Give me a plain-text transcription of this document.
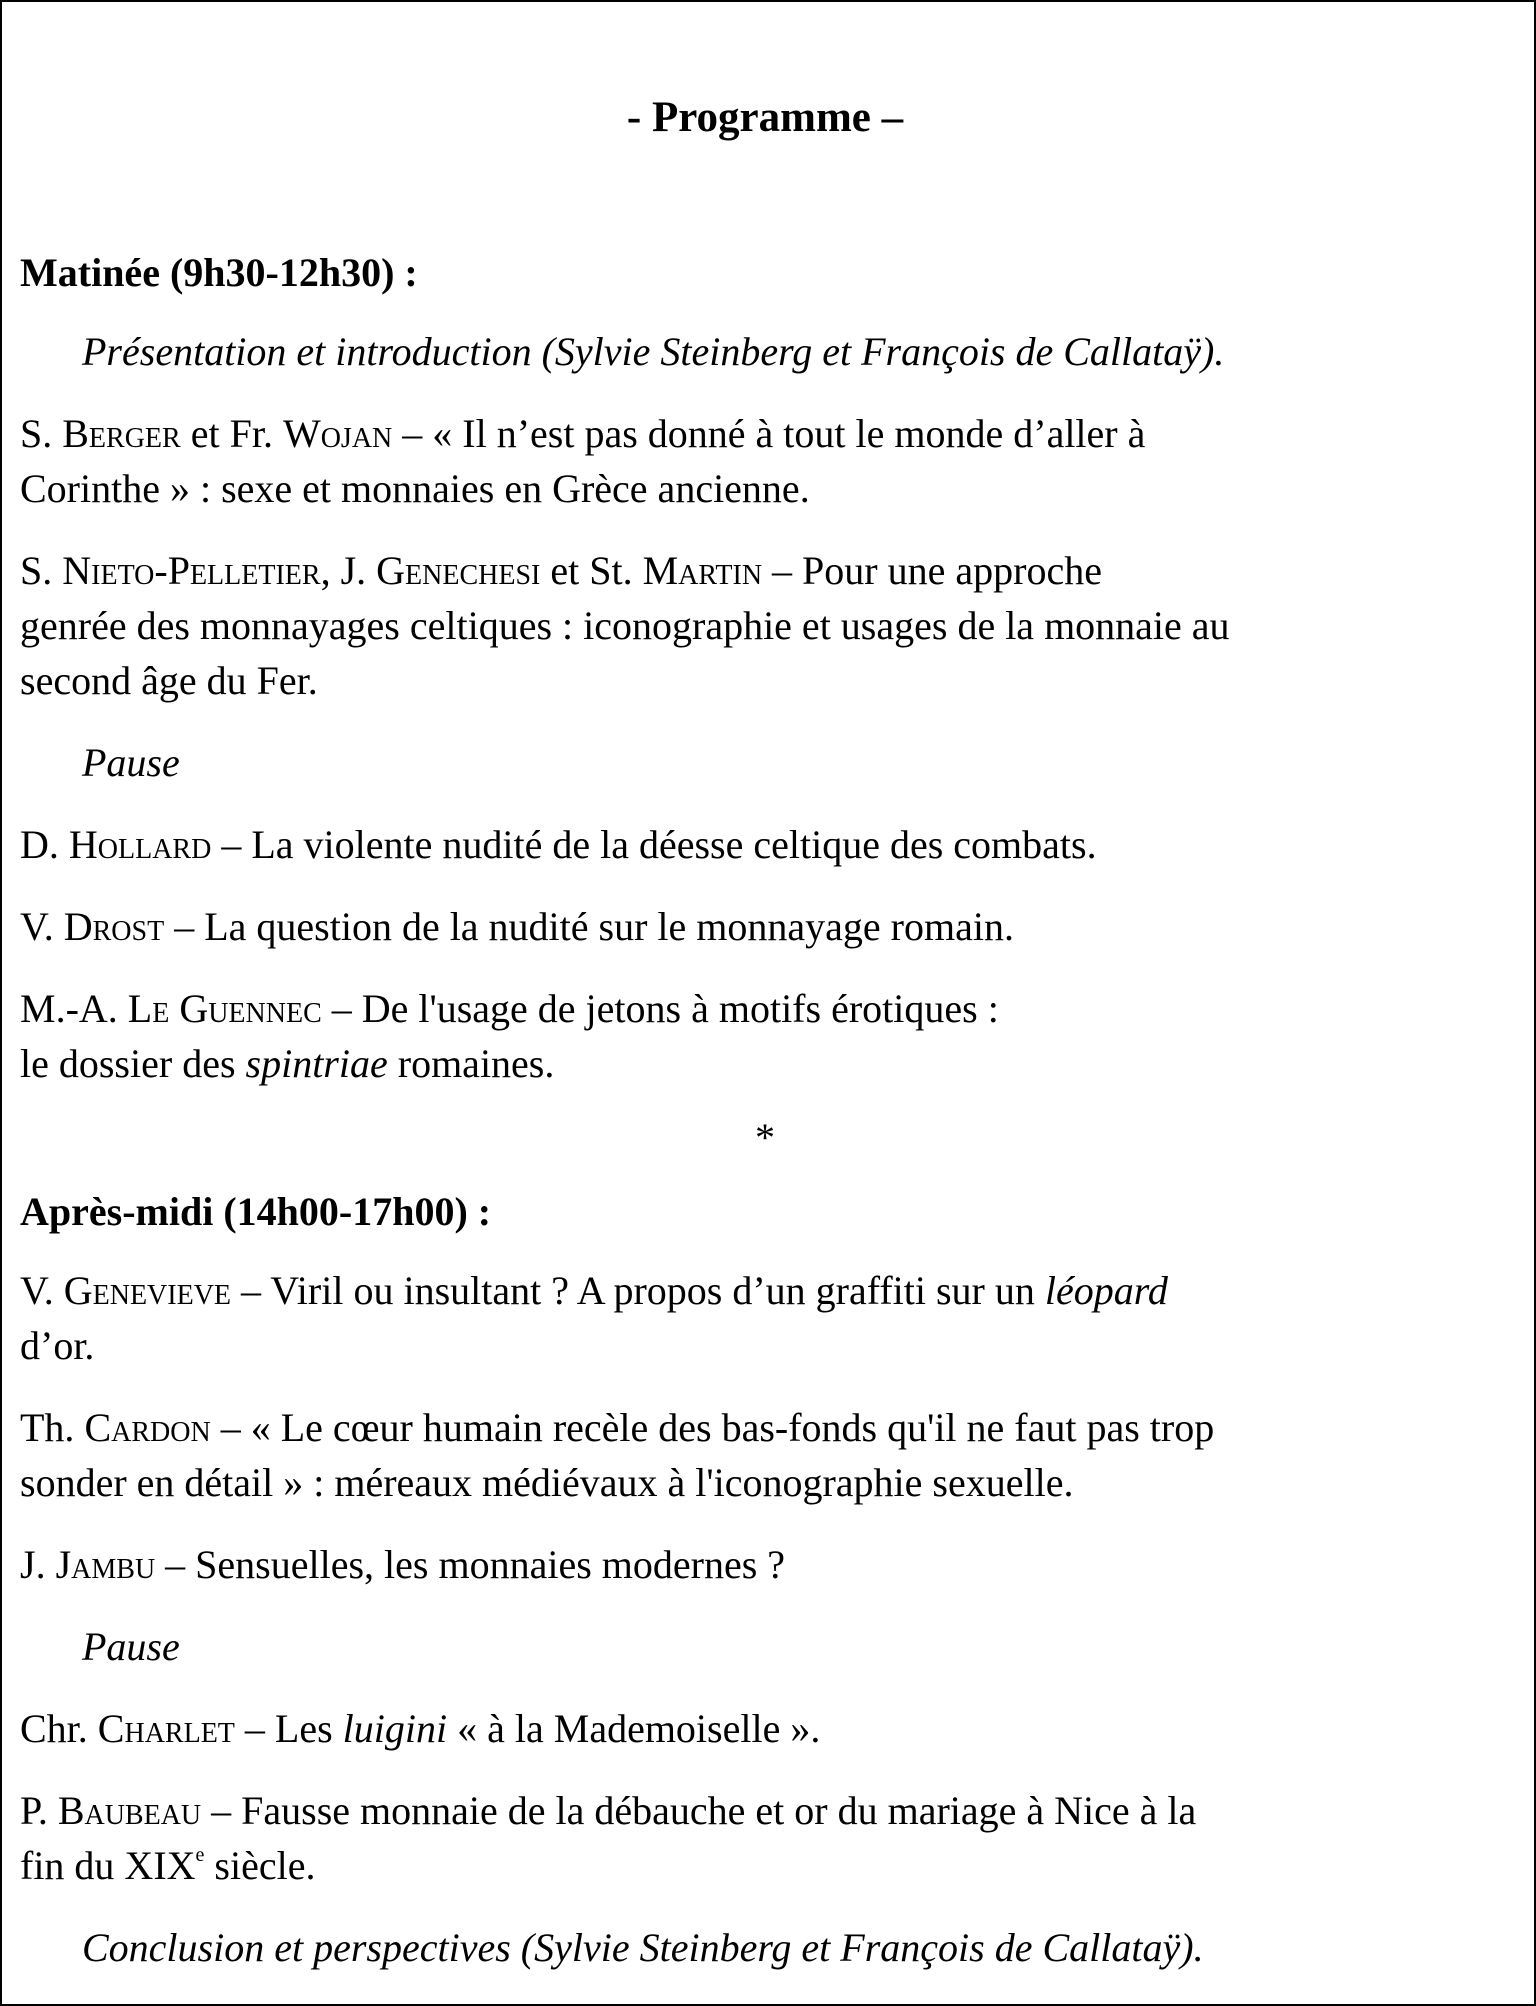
- Programme –

Matinée (9h30-12h30) :

Présentation et introduction (Sylvie Steinberg et François de Callataÿ).

S. Berger et Fr. Wojan – « Il n’est pas donné à tout le monde d’aller à
Corinthe » : sexe et monnaies en Grèce ancienne.

S. Nieto-Pelletier, J. Genechesi et St. Martin – Pour une approche
genrée des monnayages celtiques : iconographie et usages de la monnaie au
second âge du Fer.

Pause

D. Hollard – La violente nudité de la déesse celtique des combats.

V. Drost – La question de la nudité sur le monnayage romain.

M.-A. Le Guennec – De l'usage de jetons à motifs érotiques :
le dossier des spintriae romaines.

*

Après-midi (14h00-17h00) :

V. Genevieve – Viril ou insultant ? A propos d’un graffiti sur un léopard
d’or.

Th. Cardon – « Le cœur humain recèle des bas-fonds qu'il ne faut pas trop
sonder en détail » : méreaux médiévaux à l'iconographie sexuelle.

J. Jambu – Sensuelles, les monnaies modernes ?

Pause

Chr. Charlet – Les luigini « à la Mademoiselle ».

P. Baubeau – Fausse monnaie de la débauche et or du mariage à Nice à la
fin du XIXe siècle.

Conclusion et perspectives (Sylvie Steinberg et François de Callataÿ).
